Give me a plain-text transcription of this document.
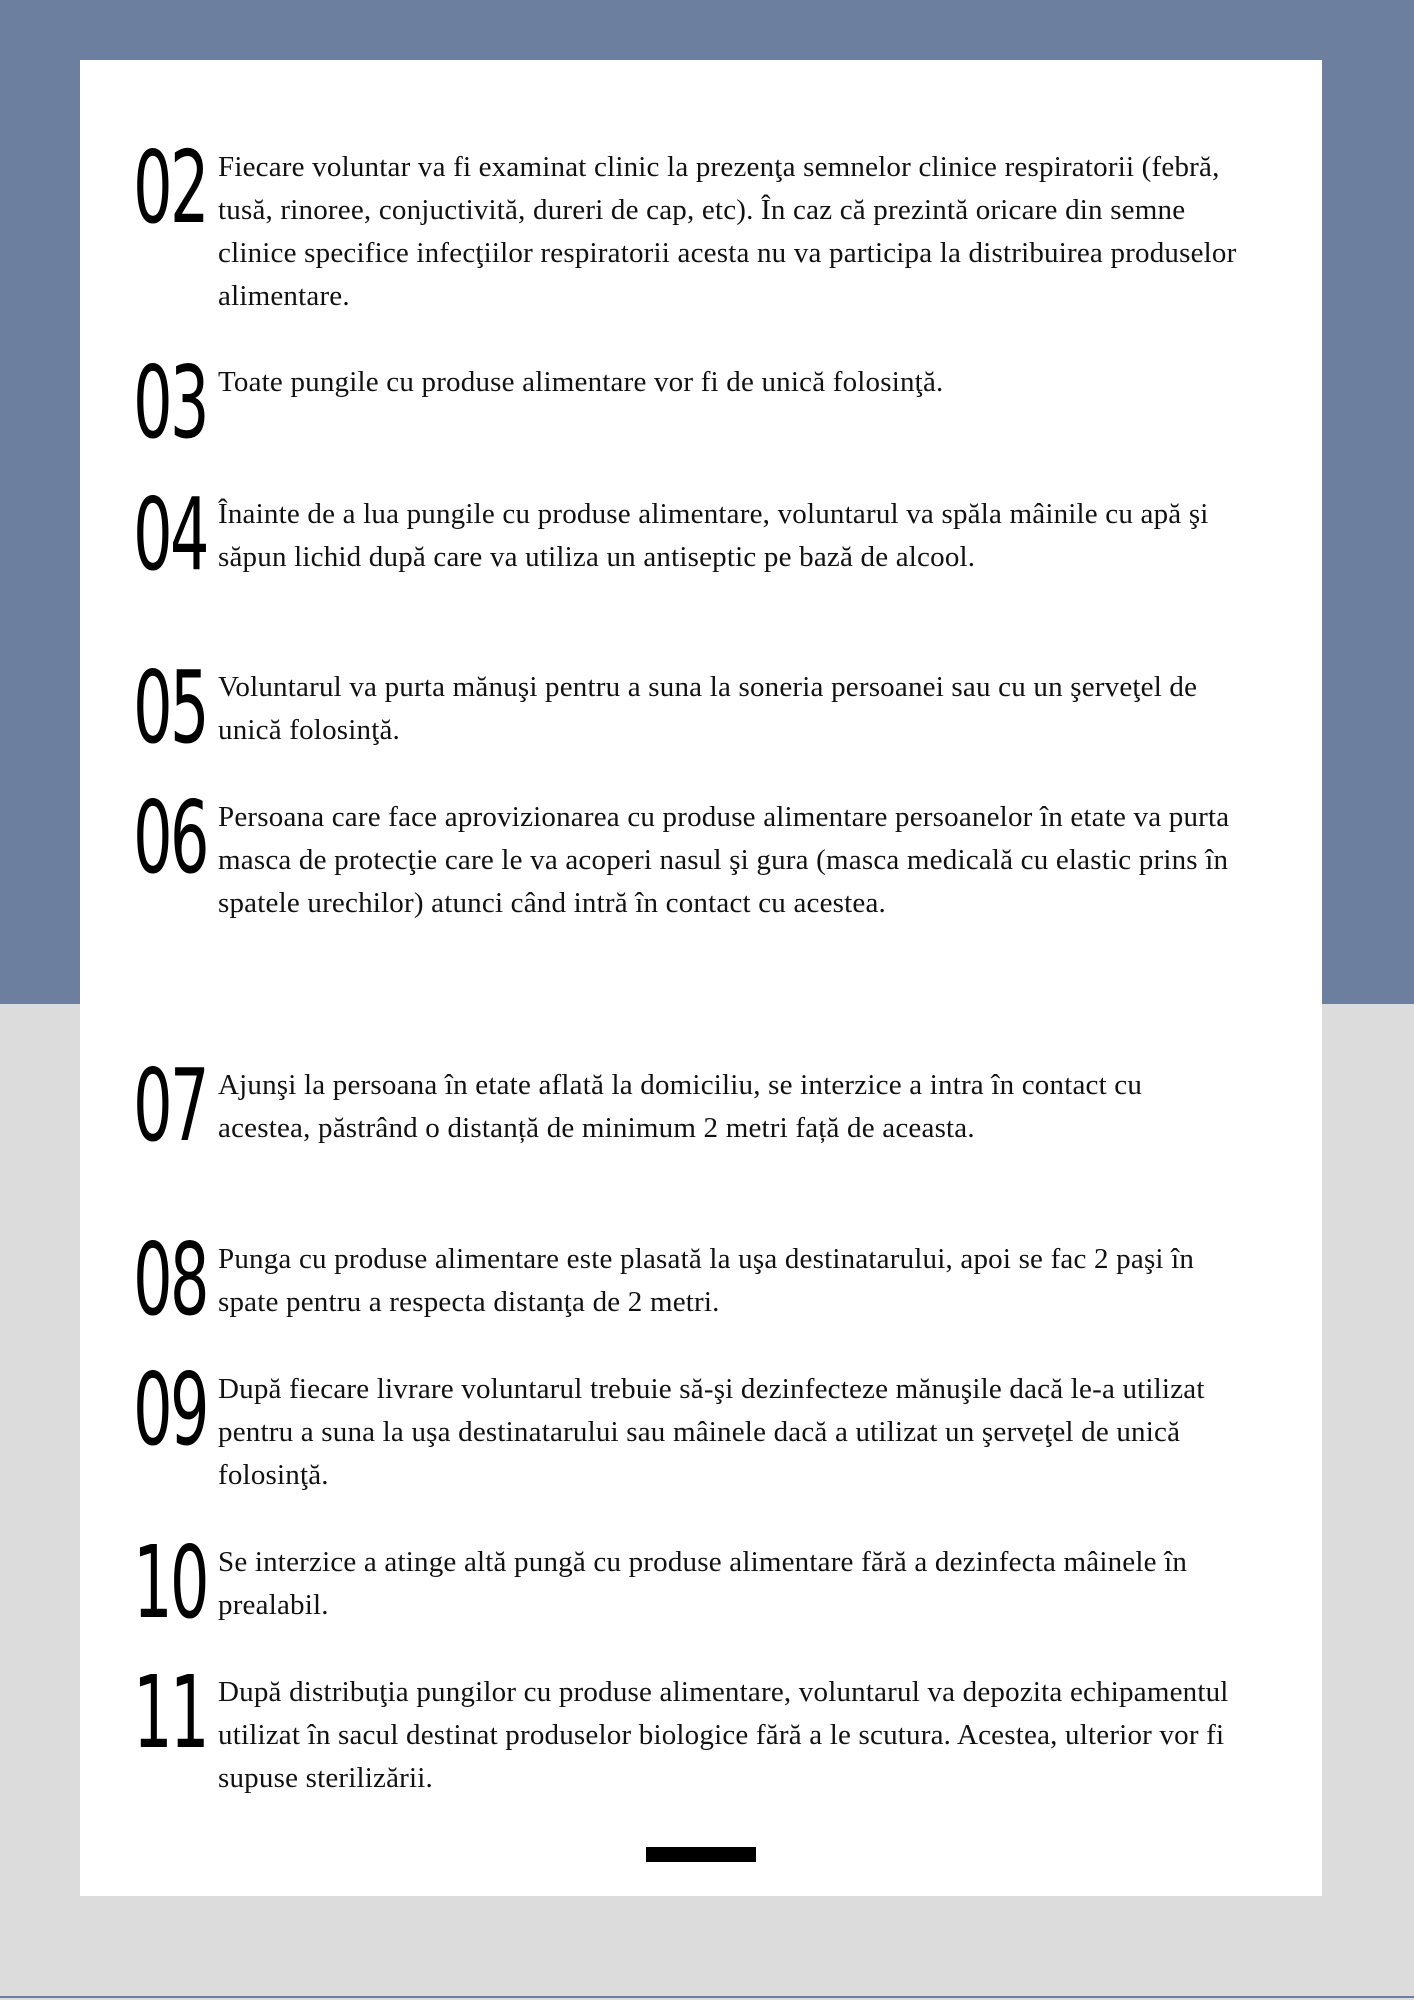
02 Fiecare voluntar va fi examinat clinic la prezenţa semnelor clinice respiratorii (febră, tusă, rinoree, conjuctivită, dureri de cap, etc). În caz că prezintă oricare din semne clinice specifice infecţiilor respiratorii acesta nu va participa la distribuirea produselor alimentare.
03 Toate pungile cu produse alimentare vor fi de unică folosinţă.
04 Înainte de a lua pungile cu produse alimentare, voluntarul va spăla mâinile cu apă şi săpun lichid după care va utiliza un antiseptic pe bază de alcool.
05 Voluntarul va purta mănuşi pentru a suna la soneria persoanei sau cu un şerveţel de unică folosinţă.
06 Persoana care face aprovizionarea cu produse alimentare persoanelor în etate va purta masca de protecţie care le va acoperi nasul şi gura (masca medicală cu elastic prins în spatele urechilor) atunci când intră în contact cu acestea.
07 Ajunşi la persoana în etate aflată la domiciliu, se interzice a intra în contact cu acestea, păstrând o distanță de minimum 2 metri față de aceasta.
08 Punga cu produse alimentare este plasată la uşa destinatarului, apoi se fac 2 paşi în spate pentru a respecta distanţa de 2 metri.
09 După fiecare livrare voluntarul trebuie să-şi dezinfecteze mănuşile dacă le-a utilizat pentru a suna la uşa destinatarului sau mâinele dacă a utilizat un şerveţel de unică folosinţă.
10 Se interzice a atinge altă pungă cu produse alimentare fără a dezinfecta mâinele în prealabil.
11 După distribuţia pungilor cu produse alimentare, voluntarul va depozita echipamentul utilizat în sacul destinat produselor biologice fără a le scutura. Acestea, ulterior vor fi supuse sterilizării.
